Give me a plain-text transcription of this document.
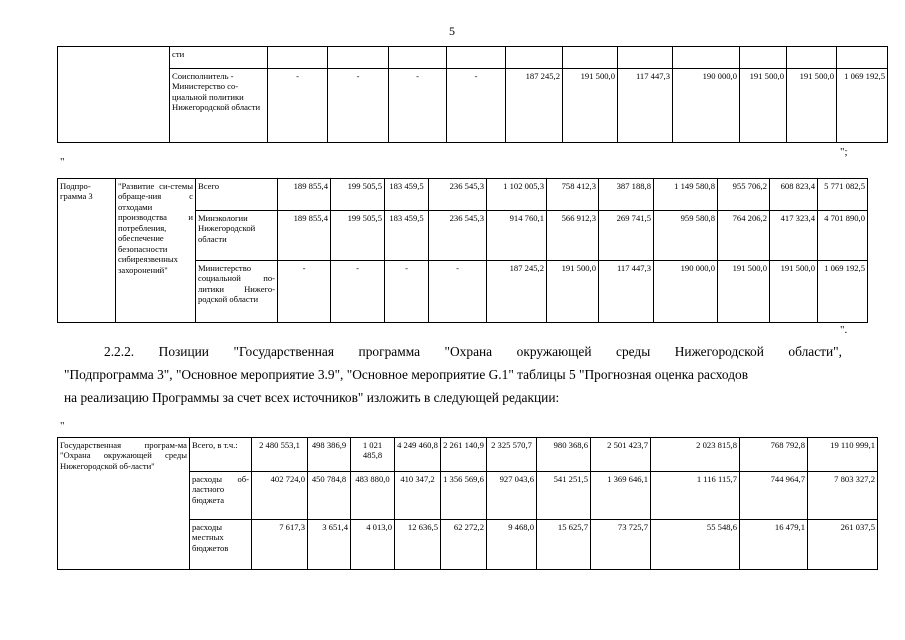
5
	сти											
	Соисполнитель - Министерство со-циальной политики Нижегородской области	-	-	-	-	187 245,2	191 500,0	117 447,3	190 000,0	191 500,0	191 500,0	1 069 192,5
";
"
Подпро-грамма 3	"Развитие си-стемы обраще-ния с отходами производства и потребления, обеспечение безопасности сибиреязвенных захоронений"	Всего	189 855,4	199 505,5	183 459,5	236 545,3	1 102 005,3	758 412,3	387 188,8	1 149 580,8	955 706,2	608 823,4	5 771 082,5
		Минэкологии Нижегородской области	189 855,4	199 505,5	183 459,5	236 545,3	914 760,1	566 912,3	269 741,5	959 580,8	764 206,2	417 323,4	4 701 890,0
		Министерство социальной по-литики Нижего-родской области	-	-	-	-	187 245,2	191 500,0	117 447,3	190 000,0	191 500,0	191 500,0	1 069 192,5
".
2.2.2. Позиции "Государственная программа "Охрана окружающей среды Нижегородской области",
"Подпрограмма 3", "Основное мероприятие 3.9", "Основное мероприятие G.1" таблицы 5 "Прогнозная оценка расходов
на реализацию Программы за счет всех источников" изложить в следующей редакции:
"
Государственная програм-ма "Охрана окружающей среды Нижегородской об-ласти"	Всего, в т.ч.:	2 480 553,1	498 386,9	1 021 485,8	4 249 460,8	2 261 140,9	2 325 570,7	980 368,6	2 501 423,7	2 023 815,8	768 792,8	19 110 999,1
	расходы об-ластного бюджета	402 724,0	450 784,8	483 880,0	410 347,2	1 356 569,6	927 043,6	541 251,5	1 369 646,1	1 116 115,7	744 964,7	7 803 327,2
	расходы местных бюджетов	7 617,3	3 651,4	4 013,0	12 636,5	62 272,2	9 468,0	15 625,7	73 725,7	55 548,6	16 479,1	261 037,5
